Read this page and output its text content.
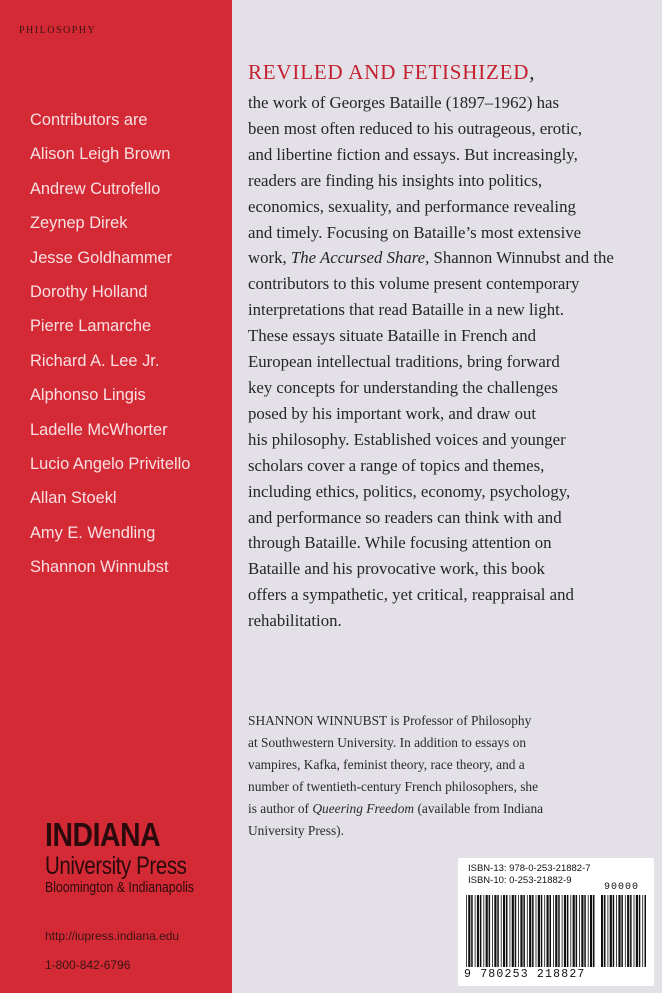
PHILOSOPHY
Contributors are
Alison Leigh Brown
Andrew Cutrofello
Zeynep Direk
Jesse Goldhammer
Dorothy Holland
Pierre Lamarche
Richard A. Lee Jr.
Alphonso Lingis
Ladelle McWhorter
Lucio Angelo Privitello
Allan Stoekl
Amy E. Wendling
Shannon Winnubst
INDIANA
University Press
Bloomington & Indianapolis
http://iupress.indiana.edu
1-800-842-6796
REVILED AND FETISHIZED,
the work of Georges Bataille (1897–1962) has
been most often reduced to his outrageous, erotic,
and libertine fiction and essays. But increasingly,
readers are finding his insights into politics,
economics, sexuality, and performance revealing
and timely. Focusing on Bataille’s most extensive
work, The Accursed Share, Shannon Winnubst and the
contributors to this volume present contemporary
interpretations that read Bataille in a new light.
These essays situate Bataille in French and
European intellectual traditions, bring forward
key concepts for understanding the challenges
posed by his important work, and draw out
his philosophy. Established voices and younger
scholars cover a range of topics and themes,
including ethics, politics, economy, psychology,
and performance so readers can think with and
through Bataille. While focusing attention on
Bataille and his provocative work, this book
offers a sympathetic, yet critical, reappraisal and
rehabilitation.
SHANNON WINNUBST is Professor of Philosophy
at Southwestern University. In addition to essays on
vampires, Kafka, feminist theory, race theory, and a
number of twentieth-century French philosophers, she
is author of Queering Freedom (available from Indiana
University Press).
ISBN-13: 978-0-253-21882-7
ISBN-10: 0-253-21882-9
90000
9 780253 218827
